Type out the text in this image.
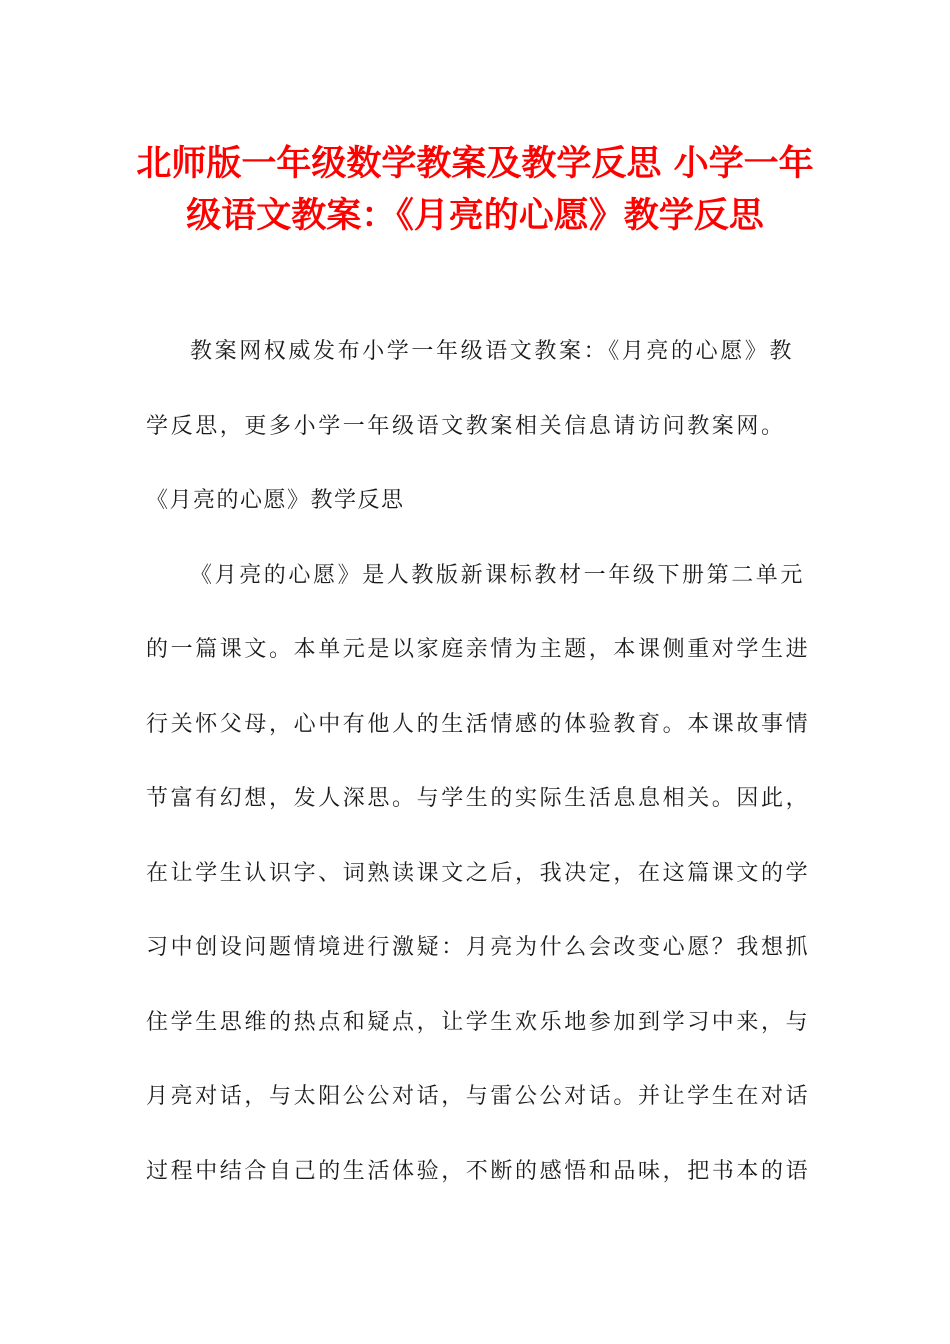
北师版一年级数学教案及教学反思 小学一年
级语文教案：《月亮的心愿》教学反思
教案网权威发布小学一年级语文教案：《月亮的心愿》教
学反思，更多小学一年级语文教案相关信息请访问教案网。
《月亮的心愿》教学反思
《月亮的心愿》是人教版新课标教材一年级下册第二单元
的一篇课文。本单元是以家庭亲情为主题，本课侧重对学生进
行关怀父母，心中有他人的生活情感的体验教育。本课故事情
节富有幻想，发人深思。与学生的实际生活息息相关。因此，
在让学生认识字、词熟读课文之后，我决定，在这篇课文的学
习中创设问题情境进行激疑：月亮为什么会改变心愿？我想抓
住学生思维的热点和疑点，让学生欢乐地参加到学习中来，与
月亮对话，与太阳公公对话，与雷公公对话。并让学生在对话
过程中结合自己的生活体验，不断的感悟和品味，把书本的语
